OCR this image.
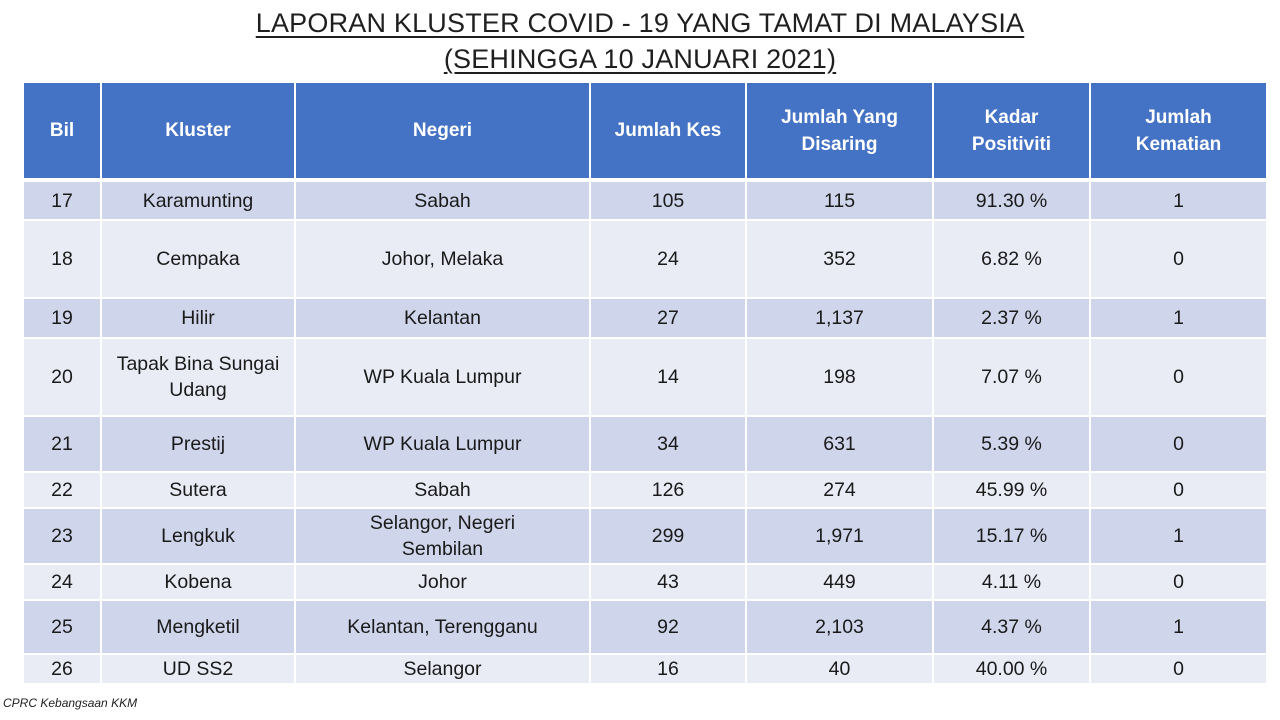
LAPORAN KLUSTER COVID - 19 YANG TAMAT DI MALAYSIA
(SEHINGGA 10 JANUARI 2021)
Bil	Kluster	Negeri	Jumlah Kes	Jumlah Yang Disaring	Kadar Positiviti	Jumlah Kematian
17	Karamunting	Sabah	105	115	91.30 %	1
18	Cempaka	Johor, Melaka	24	352	6.82 %	0
19	Hilir	Kelantan	27	1,137	2.37 %	1
20	Tapak Bina Sungai Udang	WP Kuala Lumpur	14	198	7.07 %	0
21	Prestij	WP Kuala Lumpur	34	631	5.39 %	0
22	Sutera	Sabah	126	274	45.99 %	0
23	Lengkuk	Selangor, Negeri Sembilan	299	1,971	15.17 %	1
24	Kobena	Johor	43	449	4.11 %	0
25	Mengketil	Kelantan, Terengganu	92	2,103	4.37 %	1
26	UD SS2	Selangor	16	40	40.00 %	0
CPRC Kebangsaan KKM
